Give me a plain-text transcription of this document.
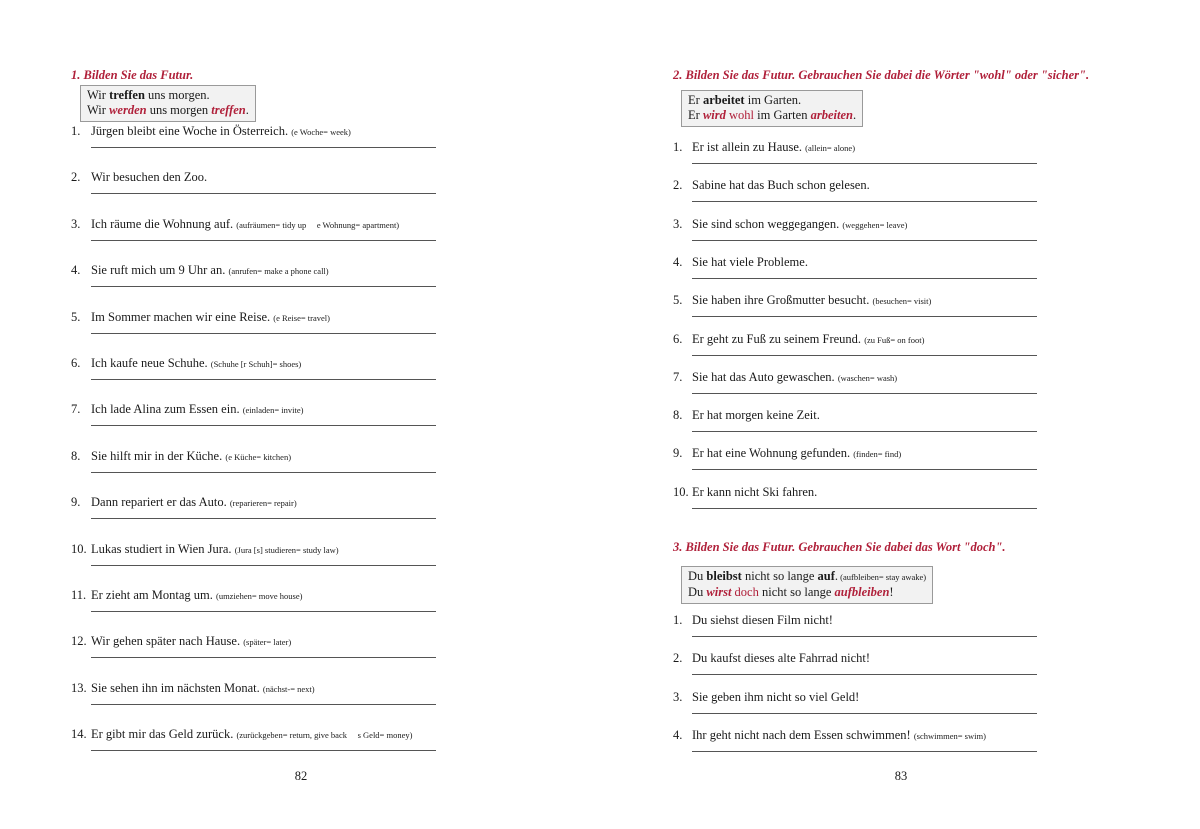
1. Bilden Sie das Futur.
Wir treffen uns morgen.
Wir werden uns morgen treffen.
1. Jürgen bleibt eine Woche in Österreich. (e Woche= week)
2. Wir besuchen den Zoo.
3. Ich räume die Wohnung auf. (aufräumen= tidy up     e Wohnung= apartment)
4. Sie ruft mich um 9 Uhr an. (anrufen= make a phone call)
5. Im Sommer machen wir eine Reise. (e Reise= travel)
6. Ich kaufe neue Schuhe. (Schuhe [r Schuh]= shoes)
7. Ich lade Alina zum Essen ein. (einladen= invite)
8. Sie hilft mir in der Küche. (e Küche= kitchen)
9. Dann repariert er das Auto. (reparieren= repair)
10. Lukas studiert in Wien Jura. (Jura [s] studieren= study law)
11. Er zieht am Montag um. (umziehen= move house)
12. Wir gehen später nach Hause. (später= later)
13. Sie sehen ihn im nächsten Monat. (nächst-= next)
14. Er gibt mir das Geld zurück. (zurückgeben= return, give back     s Geld= money)
82
2. Bilden Sie das Futur. Gebrauchen Sie dabei die Wörter "wohl" oder "sicher".
Er arbeitet im Garten.
Er wird wohl im Garten arbeiten.
1. Er ist allein zu Hause. (allein= alone)
2. Sabine hat das Buch schon gelesen.
3. Sie sind schon weggegangen. (weggehen= leave)
4. Sie hat viele Probleme.
5. Sie haben ihre Großmutter besucht. (besuchen= visit)
6. Er geht zu Fuß zu seinem Freund. (zu Fuß= on foot)
7. Sie hat das Auto gewaschen. (waschen= wash)
8. Er hat morgen keine Zeit.
9. Er hat eine Wohnung gefunden. (finden= find)
10. Er kann nicht Ski fahren.
3. Bilden Sie das Futur. Gebrauchen Sie dabei das Wort "doch".
Du bleibst nicht so lange auf. (aufbleiben= stay awake)
Du wirst doch nicht so lange aufbleiben!
1. Du siehst diesen Film nicht!
2. Du kaufst dieses alte Fahrrad nicht!
3. Sie geben ihm nicht so viel Geld!
4. Ihr geht nicht nach dem Essen schwimmen! (schwimmen= swim)
83
